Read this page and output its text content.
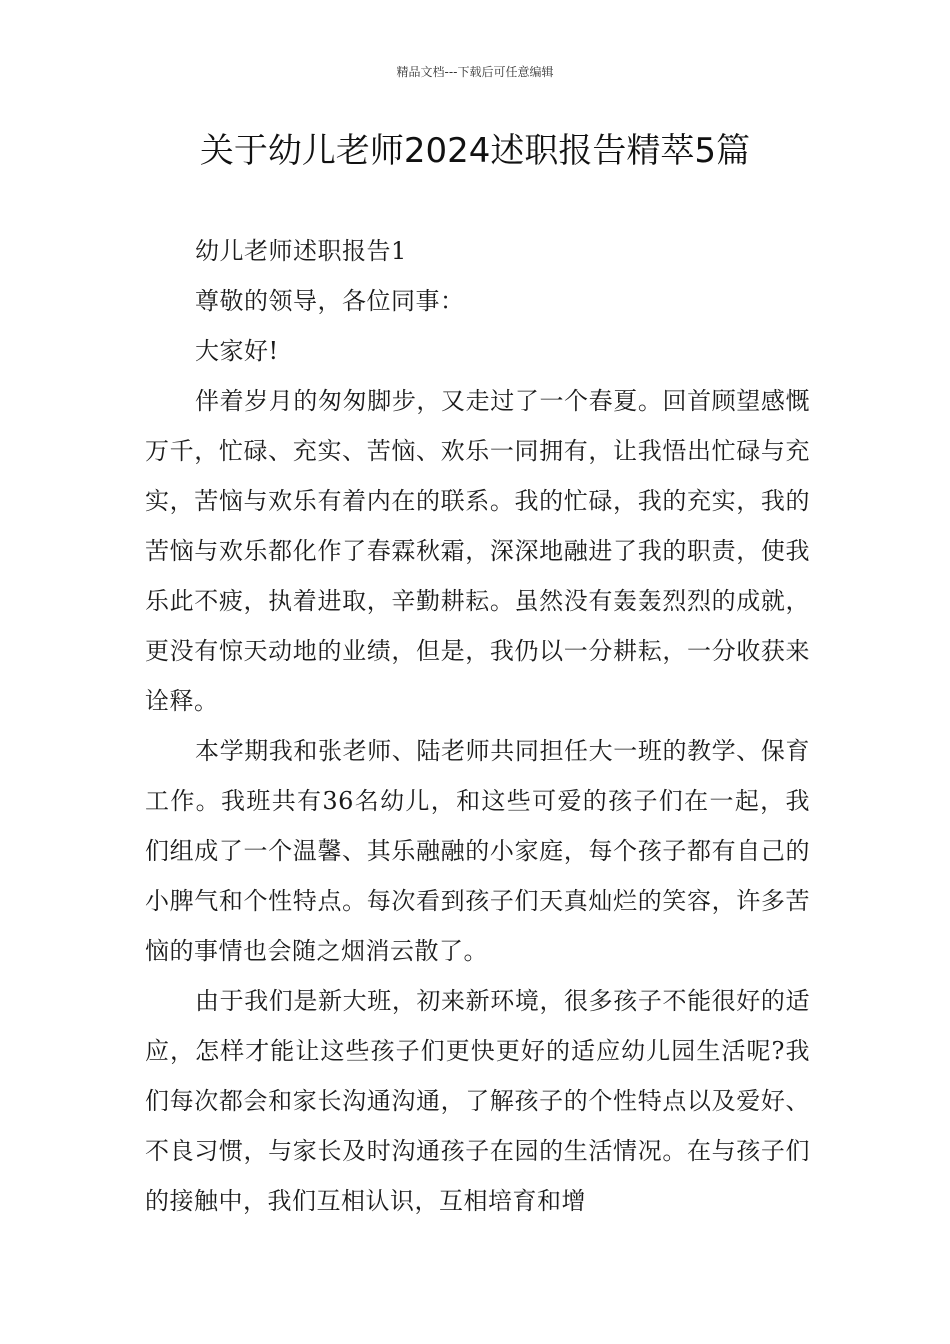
精品文档---下载后可任意编辑
关于幼儿老师2024述职报告精萃5篇

幼儿老师述职报告1

尊敬的领导，各位同事：

大家好!

伴着岁月的匆匆脚步，又走过了一个春夏。回首顾望感慨万千，忙碌、充实、苦恼、欢乐一同拥有，让我悟出忙碌与充实，苦恼与欢乐有着内在的联系。我的忙碌，我的充实，我的苦恼与欢乐都化作了春霖秋霜，深深地融进了我的职责，使我乐此不疲，执着进取，辛勤耕耘。虽然没有轰轰烈烈的成就，更没有惊天动地的业绩，但是，我仍以一分耕耘，一分收获来诠释。

本学期我和张老师、陆老师共同担任大一班的教学、保育工作。我班共有36名幼儿，和这些可爱的孩子们在一起，我们组成了一个温馨、其乐融融的小家庭，每个孩子都有自己的小脾气和个性特点。每次看到孩子们天真灿烂的笑容，许多苦恼的事情也会随之烟消云散了。

由于我们是新大班，初来新环境，很多孩子不能很好的适应，怎样才能让这些孩子们更快更好的适应幼儿园生活呢?我们每次都会和家长沟通沟通，了解孩子的个性特点以及爱好、不良习惯，与家长及时沟通孩子在园的生活情况。在与孩子们的接触中，我们互相认识，互相培育和增
